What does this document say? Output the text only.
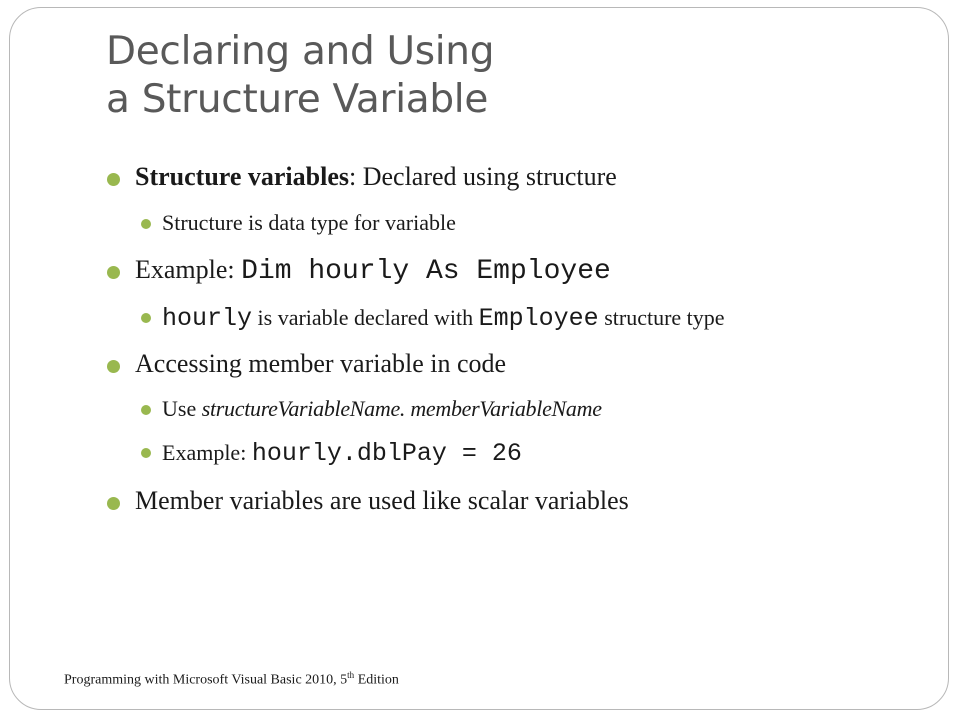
Declaring and Using
a Structure Variable
Structure variables: Declared using structure
Structure is data type for variable
Example: Dim hourly As Employee
hourly is variable declared with Employee structure type
Accessing member variable in code
Use structureVariableName. memberVariableName
Example: hourly.dblPay = 26
Member variables are used like scalar variables
Programming with Microsoft Visual Basic 2010, 5th Edition
